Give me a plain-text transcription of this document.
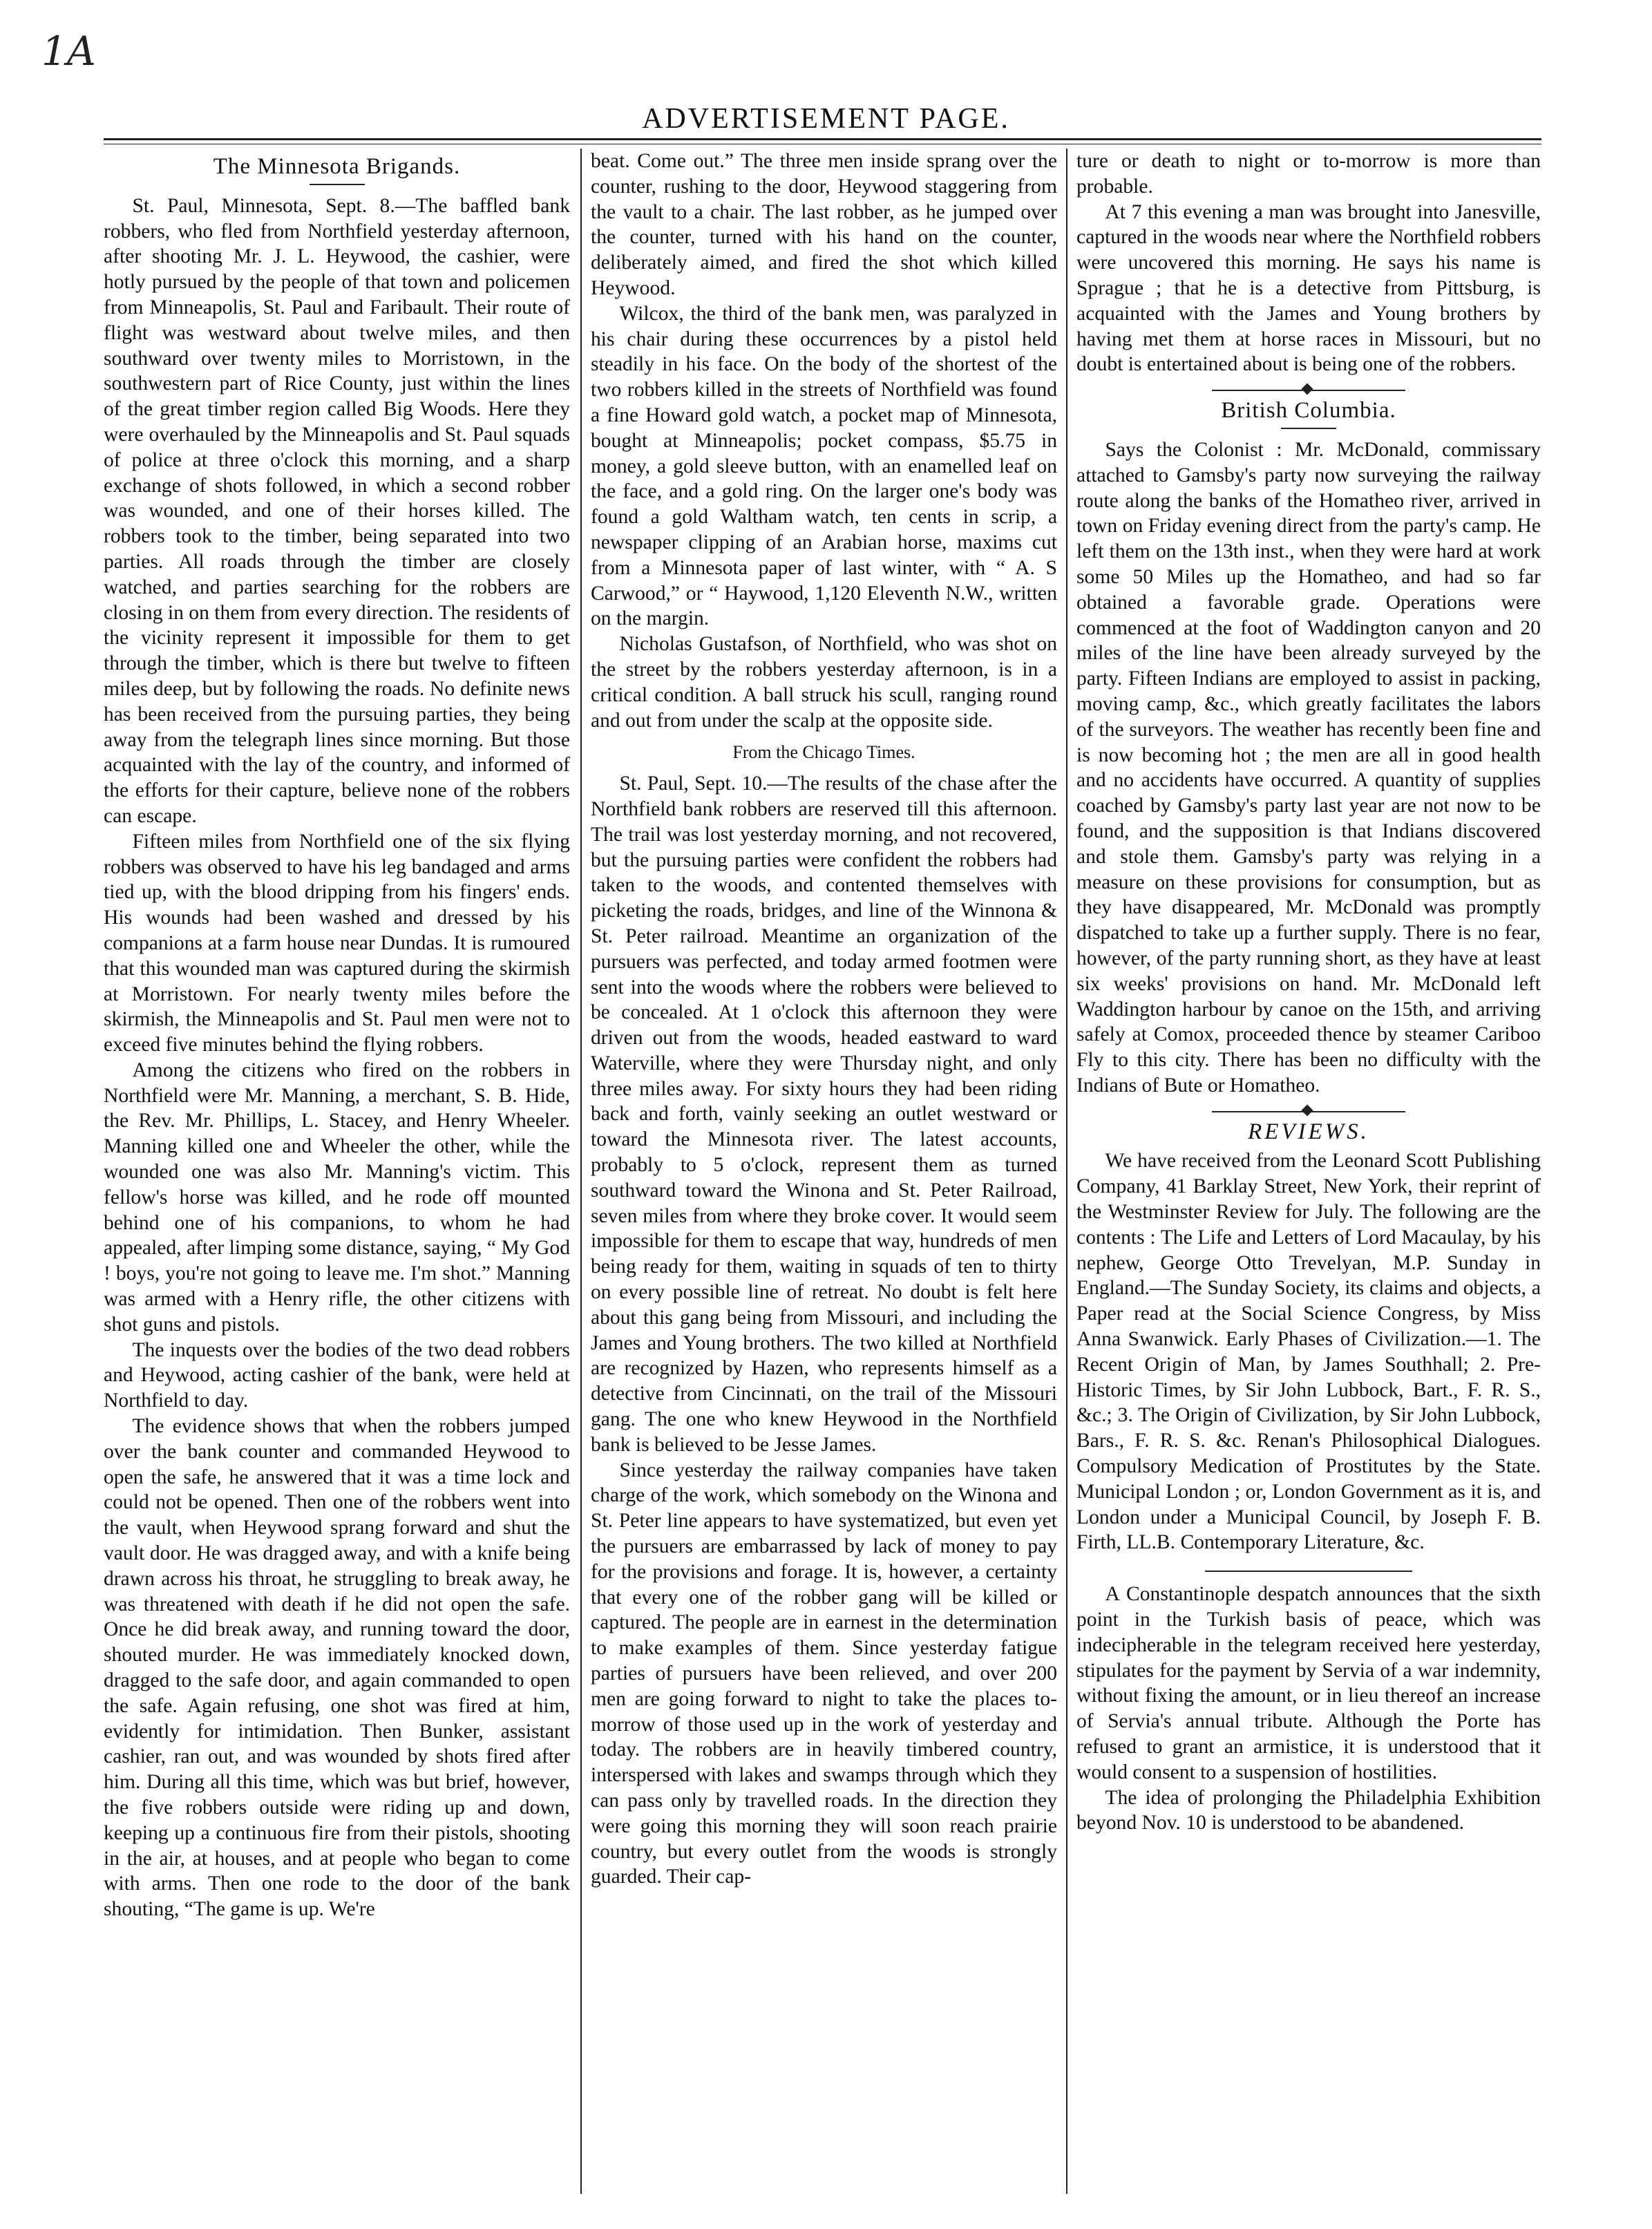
1A
ADVERTISEMENT PAGE.
The Minnesota Brigands.

St. Paul, Minnesota, Sept. 8.—The baffled bank robbers, who fled from Northfield yesterday afternoon, after shooting Mr. J. L. Heywood, the cashier, were hotly pursued by the people of that town and policemen from Minneapolis, St. Paul and Faribault. Their route of flight was westward about twelve miles, and then southward over twenty miles to Morristown, in the southwestern part of Rice County, just within the lines of the great timber region called Big Woods. Here they were overhauled by the Minneapolis and St. Paul squads of police at three o'clock this morning, and a sharp exchange of shots followed, in which a second robber was wounded, and one of their horses killed. The robbers took to the timber, being separated into two parties. All roads through the timber are closely watched, and parties searching for the robbers are closing in on them from every direction. The residents of the vicinity represent it impossible for them to get through the timber, which is there but twelve to fifteen miles deep, but by following the roads. No definite news has been received from the pursuing parties, they being away from the telegraph lines since morning. But those acquainted with the lay of the country, and informed of the efforts for their capture, believe none of the robbers can escape.

Fifteen miles from Northfield one of the six flying robbers was observed to have his leg bandaged and arms tied up, with the blood dripping from his fingers' ends. His wounds had been washed and dressed by his companions at a farm house near Dundas. It is rumoured that this wounded man was captured during the skirmish at Morristown. For nearly twenty miles before the skirmish, the Minneapolis and St. Paul men were not to exceed five minutes behind the flying robbers.

Among the citizens who fired on the robbers in Northfield were Mr. Manning, a merchant, S. B. Hide, the Rev. Mr. Phillips, L. Stacey, and Henry Wheeler. Manning killed one and Wheeler the other, while the wounded one was also Mr. Manning's victim. This fellow's horse was killed, and he rode off mounted behind one of his companions, to whom he had appealed, after limping some distance, saying, “ My God ! boys, you're not going to leave me. I'm shot.” Manning was armed with a Henry rifle, the other citizens with shot guns and pistols.

The inquests over the bodies of the two dead robbers and Heywood, acting cashier of the bank, were held at Northfield to day.

The evidence shows that when the robbers jumped over the bank counter and commanded Heywood to open the safe, he answered that it was a time lock and could not be opened. Then one of the robbers went into the vault, when Heywood sprang forward and shut the vault door. He was dragged away, and with a knife being drawn across his throat, he struggling to break away, he was threatened with death if he did not open the safe. Once he did break away, and running toward the door, shouted murder. He was immediately knocked down, dragged to the safe door, and again commanded to open the safe. Again refusing, one shot was fired at him, evidently for intimidation. Then Bunker, assistant cashier, ran out, and was wounded by shots fired after him. During all this time, which was but brief, however, the five robbers outside were riding up and down, keeping up a continuous fire from their pistols, shooting in the air, at houses, and at people who began to come with arms. Then one rode to the door of the bank shouting, “The game is up. We're

beat. Come out.” The three men inside sprang over the counter, rushing to the door, Heywood staggering from the vault to a chair. The last robber, as he jumped over the counter, turned with his hand on the counter, deliberately aimed, and fired the shot which killed Heywood.

Wilcox, the third of the bank men, was paralyzed in his chair during these occurrences by a pistol held steadily in his face. On the body of the shortest of the two robbers killed in the streets of Northfield was found a fine Howard gold watch, a pocket map of Minnesota, bought at Minneapolis; pocket compass, $5.75 in money, a gold sleeve button, with an enamelled leaf on the face, and a gold ring. On the larger one's body was found a gold Waltham watch, ten cents in scrip, a newspaper clipping of an Arabian horse, maxims cut from a Minnesota paper of last winter, with “ A. S Carwood,” or “ Haywood, 1,120 Eleventh N.W., written on the margin.

Nicholas Gustafson, of Northfield, who was shot on the street by the robbers yesterday afternoon, is in a critical condition. A ball struck his scull, ranging round and out from under the scalp at the opposite side.

From the Chicago Times.

St. Paul, Sept. 10.—The results of the chase after the Northfield bank robbers are reserved till this afternoon. The trail was lost yesterday morning, and not recovered, but the pursuing parties were confident the robbers had taken to the woods, and contented themselves with picketing the roads, bridges, and line of the Winnona & St. Peter railroad. Meantime an organization of the pursuers was perfected, and today armed footmen were sent into the woods where the robbers were believed to be concealed. At 1 o'clock this afternoon they were driven out from the woods, headed eastward to ward Waterville, where they were Thursday night, and only three miles away. For sixty hours they had been riding back and forth, vainly seeking an outlet westward or toward the Minnesota river. The latest accounts, probably to 5 o'clock, represent them as turned southward toward the Winona and St. Peter Railroad, seven miles from where they broke cover. It would seem impossible for them to escape that way, hundreds of men being ready for them, waiting in squads of ten to thirty on every possible line of retreat. No doubt is felt here about this gang being from Missouri, and including the James and Young brothers. The two killed at Northfield are recognized by Hazen, who represents himself as a detective from Cincinnati, on the trail of the Missouri gang. The one who knew Heywood in the Northfield bank is believed to be Jesse James.

Since yesterday the railway companies have taken charge of the work, which somebody on the Winona and St. Peter line appears to have systematized, but even yet the pursuers are embarrassed by lack of money to pay for the provisions and forage. It is, however, a certainty that every one of the robber gang will be killed or captured. The people are in earnest in the determination to make examples of them. Since yesterday fatigue parties of pursuers have been relieved, and over 200 men are going forward to night to take the places to-morrow of those used up in the work of yesterday and today. The robbers are in heavily timbered country, interspersed with lakes and swamps through which they can pass only by travelled roads. In the direction they were going this morning they will soon reach prairie country, but every outlet from the woods is strongly guarded. Their cap-

ture or death to night or to-morrow is more than probable.

At 7 this evening a man was brought into Janesville, captured in the woods near where the Northfield robbers were uncovered this morning. He says his name is Sprague ; that he is a detective from Pittsburg, is acquainted with the James and Young brothers by having met them at horse races in Missouri, but no doubt is entertained about is being one of the robbers.

British Columbia.

Says the Colonist : Mr. McDonald, commissary attached to Gamsby's party now surveying the railway route along the banks of the Homatheo river, arrived in town on Friday evening direct from the party's camp. He left them on the 13th inst., when they were hard at work some 50 Miles up the Homatheo, and had so far obtained a favorable grade. Operations were commenced at the foot of Waddington canyon and 20 miles of the line have been already surveyed by the party. Fifteen Indians are employed to assist in packing, moving camp, &c., which greatly facilitates the labors of the surveyors. The weather has recently been fine and is now becoming hot ; the men are all in good health and no accidents have occurred. A quantity of supplies coached by Gamsby's party last year are not now to be found, and the supposition is that Indians discovered and stole them. Gamsby's party was relying in a measure on these provisions for consumption, but as they have disappeared, Mr. McDonald was promptly dispatched to take up a further supply. There is no fear, however, of the party running short, as they have at least six weeks' provisions on hand. Mr. McDonald left Waddington harbour by canoe on the 15th, and arriving safely at Comox, proceeded thence by steamer Cariboo Fly to this city. There has been no difficulty with the Indians of Bute or Homatheo.

REVIEWS.

We have received from the Leonard Scott Publishing Company, 41 Barklay Street, New York, their reprint of the Westminster Review for July. The following are the contents : The Life and Letters of Lord Macaulay, by his nephew, George Otto Trevelyan, M.P. Sunday in England.—The Sunday Society, its claims and objects, a Paper read at the Social Science Congress, by Miss Anna Swanwick. Early Phases of Civilization.—1. The Recent Origin of Man, by James Southhall; 2. Pre-Historic Times, by Sir John Lubbock, Bart., F. R. S., &c.; 3. The Origin of Civilization, by Sir John Lubbock, Bars., F. R. S. &c. Renan's Philosophical Dialogues. Compulsory Medication of Prostitutes by the State. Municipal London ; or, London Government as it is, and London under a Municipal Council, by Joseph F. B. Firth, LL.B. Contemporary Literature, &c.

A Constantinople despatch announces that the sixth point in the Turkish basis of peace, which was indecipherable in the telegram received here yesterday, stipulates for the payment by Servia of a war indemnity, without fixing the amount, or in lieu thereof an increase of Servia's annual tribute. Although the Porte has refused to grant an armistice, it is understood that it would consent to a suspension of hostilities.

The idea of prolonging the Philadelphia Exhibition beyond Nov. 10 is understood to be abandened.
